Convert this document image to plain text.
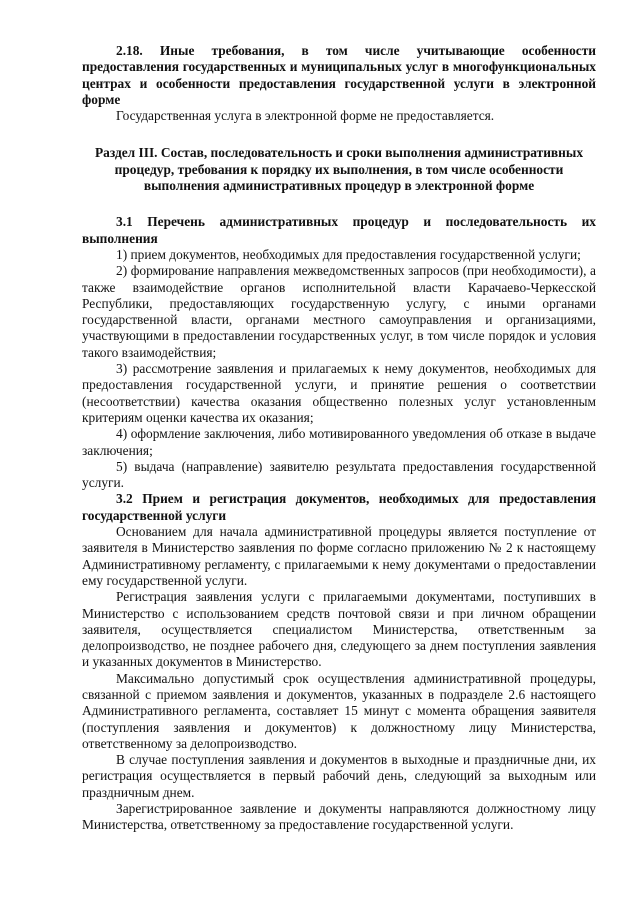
2.18. Иные требования, в том числе учитывающие особенности предоставления государственных и муниципальных услуг в многофункциональных центрах и особенности предоставления государственной услуги в электронной форме

Государственная услуга в электронной форме не предоставляется.

Раздел III. Состав, последовательность и сроки выполнения административных процедур, требования к порядку их выполнения, в том числе особенности выполнения административных процедур в электронной форме

3.1 Перечень административных процедур и последовательность их выполнения

1) прием документов, необходимых для предоставления государственной услуги;

2) формирование направления межведомственных запросов (при необходимости), а также взаимодействие органов исполнительной власти Карачаево-Черкесской Республики, предоставляющих государственную услугу, с иными органами государственной власти, органами местного самоуправления и организациями, участвующими в предоставлении государственных услуг, в том числе порядок и условия такого взаимодействия;

3) рассмотрение заявления и прилагаемых к нему документов, необходимых для предоставления государственной услуги, и принятие решения о соответствии (несоответствии) качества оказания общественно полезных услуг установленным критериям оценки качества их оказания;

4) оформление заключения, либо мотивированного уведомления об отказе в выдаче заключения;

5) выдача (направление) заявителю результата предоставления государственной услуги.

3.2 Прием и регистрация документов, необходимых для предоставления государственной услуги

Основанием для начала административной процедуры является поступление от заявителя в Министерство заявления по форме согласно приложению № 2 к настоящему Административному регламенту, с прилагаемыми к нему документами о предоставлении ему государственной услуги.

Регистрация заявления услуги с прилагаемыми документами, поступивших в Министерство с использованием средств почтовой связи и при личном обращении заявителя, осуществляется специалистом Министерства, ответственным за делопроизводство, не позднее рабочего дня, следующего за днем поступления заявления и указанных документов в Министерство.

Максимально допустимый срок осуществления административной процедуры, связанной с приемом заявления и документов, указанных в подразделе 2.6 настоящего Административного регламента, составляет 15 минут с момента обращения заявителя (поступления заявления и документов) к должностному лицу Министерства, ответственному за делопроизводство.

В случае поступления заявления и документов в выходные и праздничные дни, их регистрация осуществляется в первый рабочий день, следующий за выходным или праздничным днем.

Зарегистрированное заявление и документы направляются должностному лицу Министерства, ответственному за предоставление государственной услуги.
